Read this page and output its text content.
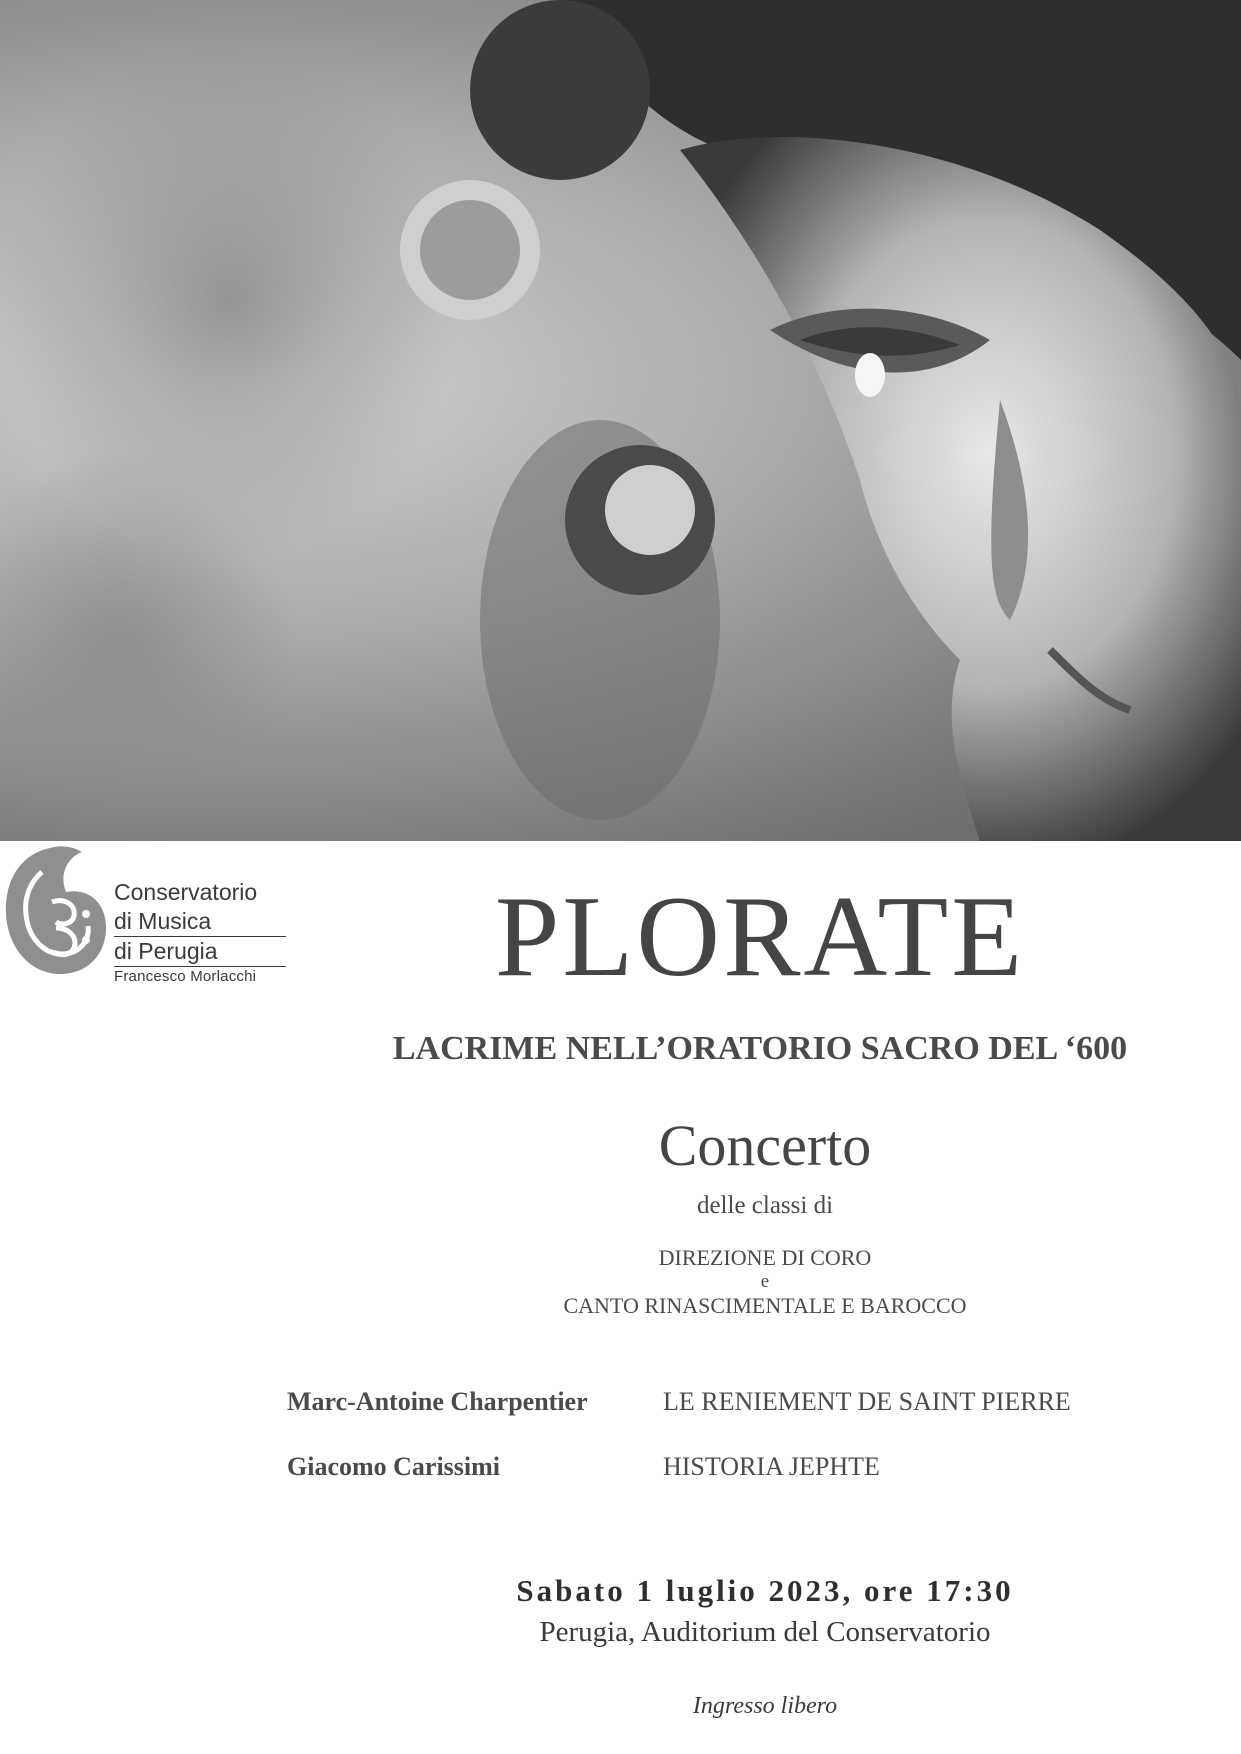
Conservatorio
di Musica
di Perugia
Francesco Morlacchi	PLORATE
LACRIME NELL’ORATORIO SACRO DEL ‘600
Concerto
delle classi di
DIREZIONE DI CORO
e
CANTO RINASCIMENTALE E BAROCCO
Marc-Antoine Charpentier	LE RENIEMENT DE SAINT PIERRE
Giacomo Carissimi	HISTORIA JEPHTE
Sabato 1 luglio 2023, ore 17:30
Perugia, Auditorium del Conservatorio
Ingresso libero
